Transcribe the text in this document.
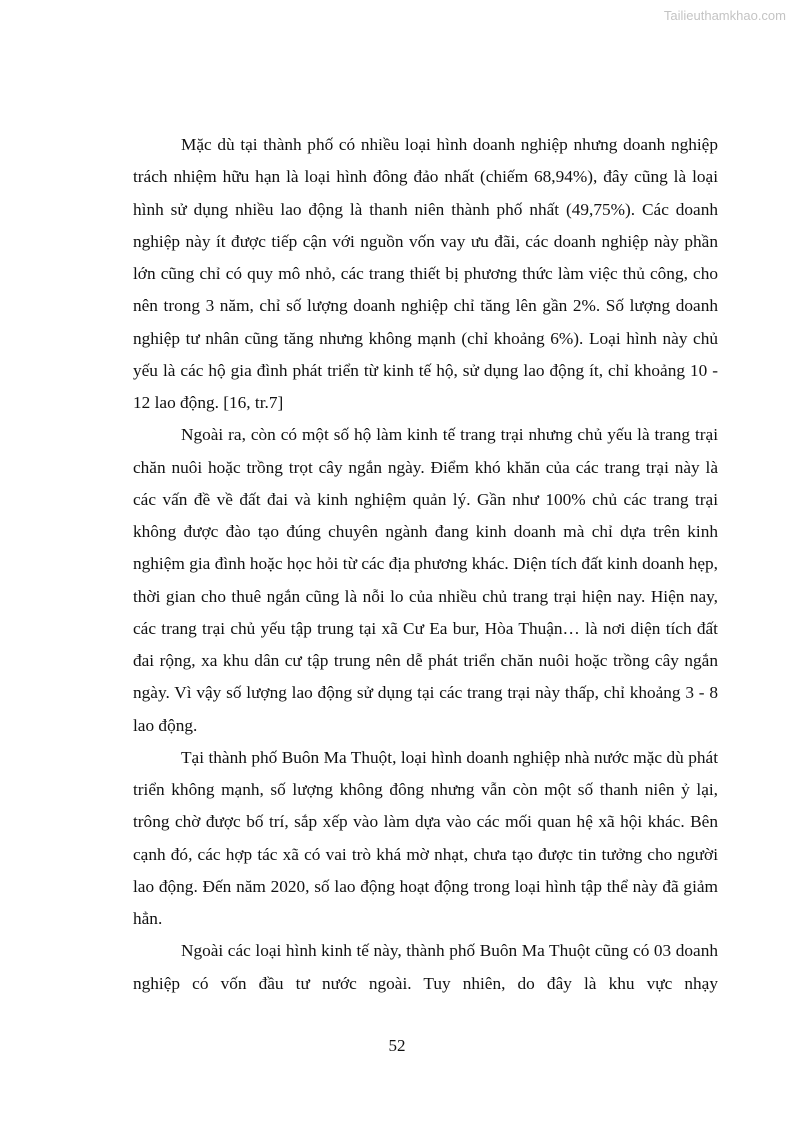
Tailieuthamkhao.com

Mặc dù tại thành phố có nhiều loại hình doanh nghiệp nhưng doanh nghiệp trách nhiệm hữu hạn là loại hình đông đảo nhất (chiếm 68,94%), đây cũng là loại hình sử dụng nhiều lao động là thanh niên thành phố nhất (49,75%). Các doanh nghiệp này ít được tiếp cận với nguồn vốn vay ưu đãi, các doanh nghiệp này phần lớn cũng chỉ có quy mô nhỏ, các trang thiết bị phương thức làm việc thủ công, cho nên trong 3 năm, chỉ số lượng doanh nghiệp chỉ tăng lên gần 2%. Số lượng doanh nghiệp tư nhân cũng tăng nhưng không mạnh (chỉ khoảng 6%). Loại hình này chủ yếu là các hộ gia đình phát triển từ kinh tế hộ, sử dụng lao động ít, chỉ khoảng 10 - 12 lao động. [16, tr.7]

Ngoài ra, còn có một số hộ làm kinh tế trang trại nhưng chủ yếu là trang trại chăn nuôi hoặc trồng trọt cây ngắn ngày. Điểm khó khăn của các trang trại này là các vấn đề về đất đai và kinh nghiệm quản lý. Gần như 100% chủ các trang trại không được đào tạo đúng chuyên ngành đang kinh doanh mà chỉ dựa trên kinh nghiệm gia đình hoặc học hỏi từ các địa phương khác. Diện tích đất kinh doanh hẹp, thời gian cho thuê ngắn cũng là nỗi lo của nhiều chủ trang trại hiện nay. Hiện nay, các trang trại chủ yếu tập trung tại xã Cư Ea bur, Hòa Thuận… là nơi diện tích đất đai rộng, xa khu dân cư tập trung nên dễ phát triển chăn nuôi hoặc trồng cây ngắn ngày. Vì vậy số lượng lao động sử dụng tại các trang trại này thấp, chỉ khoảng 3 - 8 lao động.

Tại thành phố Buôn Ma Thuột, loại hình doanh nghiệp nhà nước mặc dù phát triển không mạnh, số lượng không đông nhưng vẫn còn một số thanh niên ỷ lại, trông chờ được bố trí, sắp xếp vào làm dựa vào các mối quan hệ xã hội khác. Bên cạnh đó, các hợp tác xã có vai trò khá mờ nhạt, chưa tạo được tin tưởng cho người lao động. Đến năm 2020, số lao động hoạt động trong loại hình tập thể này đã giảm hẳn.

Ngoài các loại hình kinh tế này, thành phố Buôn Ma Thuột cũng có 03 doanh nghiệp có vốn đầu tư nước ngoài. Tuy nhiên, do đây là khu vực nhạy

52
